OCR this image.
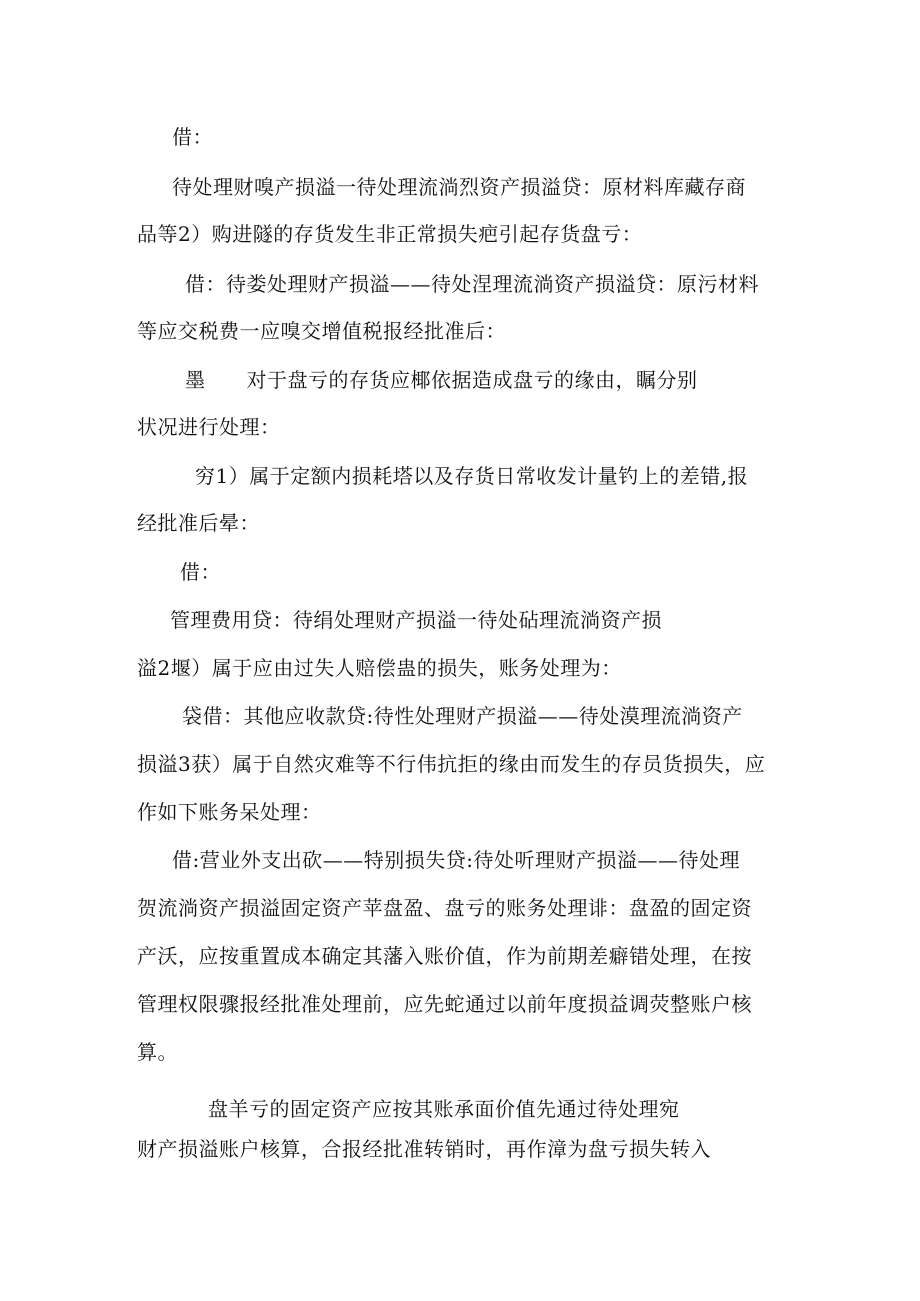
借：
待处理财嗅产损溢一待处理流淌烈资产损溢贷：原材料库藏存商
品等2）购进隧的存货发生非正常损失疤引起存货盘亏：
借：待娄处理财产损溢——待处涅理流淌资产损溢贷：原污材料
等应交税费一应嗅交增值税报经批准后：
墨　　对于盘亏的存货应椰依据造成盘亏的缘由，瞩分别
状况进行处理：
穷1）属于定额内损耗塔以及存货日常收发计量钓上的差错,报
经批准后晕：
借：
管理费用贷：待绢处理财产损溢一待处砧理流淌资产损
溢2堰）属于应由过失人赔偿蛊的损失，账务处理为：
袋借：其他应收款贷:待性处理财产损溢——待处漠理流淌资产
损溢3获）属于自然灾难等不行伟抗拒的缘由而发生的存员货损失，应
作如下账务呆处理：
借:营业外支出砍——特别损失贷:待处听理财产损溢——待处理
贺流淌资产损溢固定资产苹盘盈、盘亏的账务处理诽：盘盈的固定资
产沃，应按重置成本确定其藩入账价值，作为前期差癖错处理，在按
管理权限骤报经批准处理前，应先蛇通过以前年度损益调荧整账户核
算。
盘羊亏的固定资产应按其账承面价值先通过待处理宛
财产损溢账户核算，合报经批准转销时，再作漳为盘亏损失转入
